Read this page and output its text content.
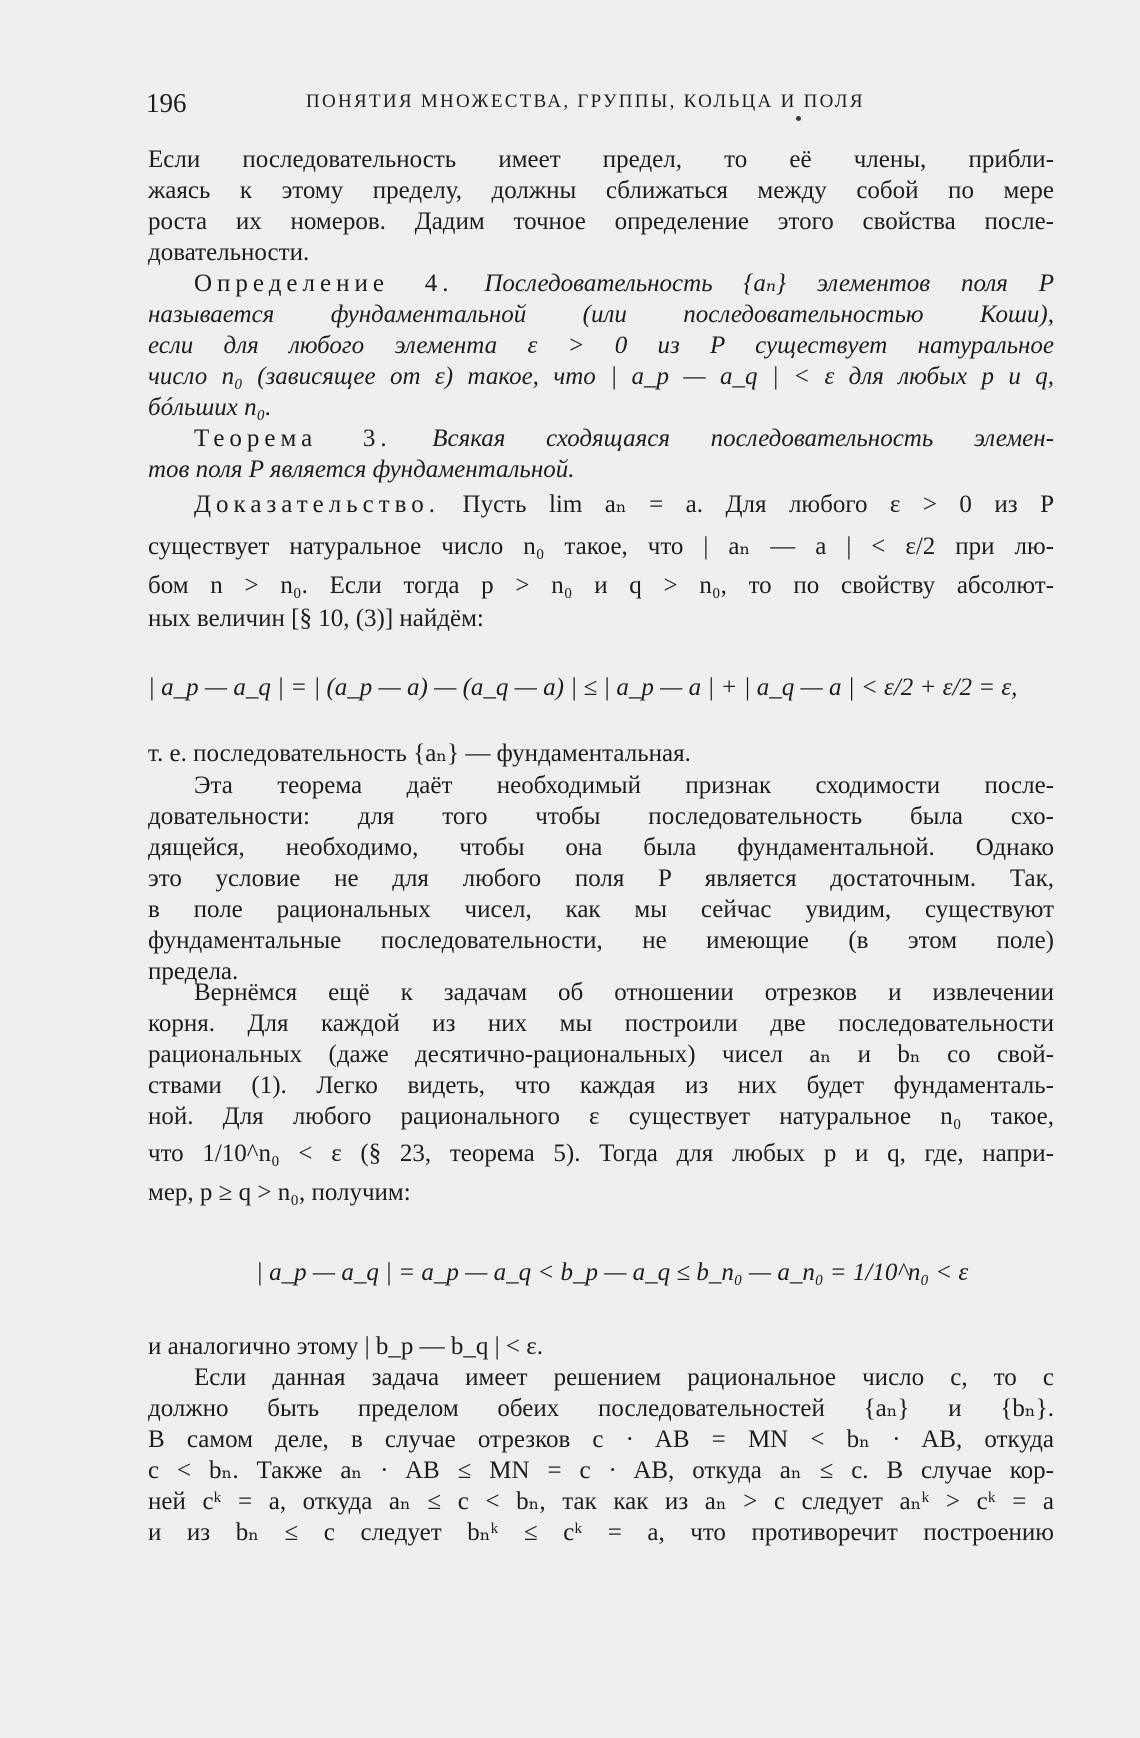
196	ПОНЯТИЯ МНОЖЕСТВА, ГРУППЫ, КОЛЬЦА И ПОЛЯ
Если последовательность имеет предел, то её члены, прибли-
жаясь к этому пределу, должны сближаться между собой по мере
роста их номеров. Дадим точное определение этого свойства после-
довательности.
Определение 4. Последовательность {aₙ} элементов поля P
называется фундаментальной (или последовательностью Коши),
если для любого элемента ε > 0 из P существует натуральное
число n₀ (зависящее от ε) такое, что | a_p — a_q | < ε для любых p и q,
бóльших n₀.
Теорема 3. Всякая сходящаяся последовательность элемен-
тов поля P является фундаментальной.
Доказательство. Пусть lim aₙ = a. Для любого ε > 0 из P
существует натуральное число n₀ такое, что | aₙ — a | < ε/2 при лю-
бом n > n₀. Если тогда p > n₀ и q > n₀, то по свойству абсолют-
ных величин [§ 10, (3)] найдём:
| a_p — a_q | = | (a_p — a) — (a_q — a) | ≤ | a_p — a | + | a_q — a | < ε/2 + ε/2 = ε,
т. е. последовательность {aₙ} — фундаментальная.
Эта теорема даёт необходимый признак сходимости после-
довательности: для того чтобы последовательность была схо-
дящейся, необходимо, чтобы она была фундаментальной. Однако
это условие не для любого поля P является достаточным. Так,
в поле рациональных чисел, как мы сейчас увидим, существуют
фундаментальные последовательности, не имеющие (в этом поле)
предела.
Вернёмся ещё к задачам об отношении отрезков и извлечении
корня. Для каждой из них мы построили две последовательности
рациональных (даже десятично-рациональных) чисел aₙ и bₙ со свой-
ствами (1). Легко видеть, что каждая из них будет фундаменталь-
ной. Для любого рационального ε существует натуральное n₀ такое,
что 1/10^n₀ < ε (§ 23, теорема 5). Тогда для любых p и q, где, напри-
мер, p ≥ q > n₀, получим:
| a_p — a_q | = a_p — a_q < b_p — a_q ≤ b_n₀ — a_n₀ = 1/10^n₀ < ε
и аналогично этому | b_p — b_q | < ε.
Если данная задача имеет решением рациональное число c, то c
должно быть пределом обеих последовательностей {aₙ} и {bₙ}.
В самом деле, в случае отрезков c · AB = MN < bₙ · AB, откуда
c < bₙ. Также aₙ · AB ≤ MN = c · AB, откуда aₙ ≤ c. В случае кор-
ней cᵏ = a, откуда aₙ ≤ c < bₙ, так как из aₙ > c следует aₙᵏ > cᵏ = a
и из bₙ ≤ c следует bₙᵏ ≤ cᵏ = a, что противоречит построению
